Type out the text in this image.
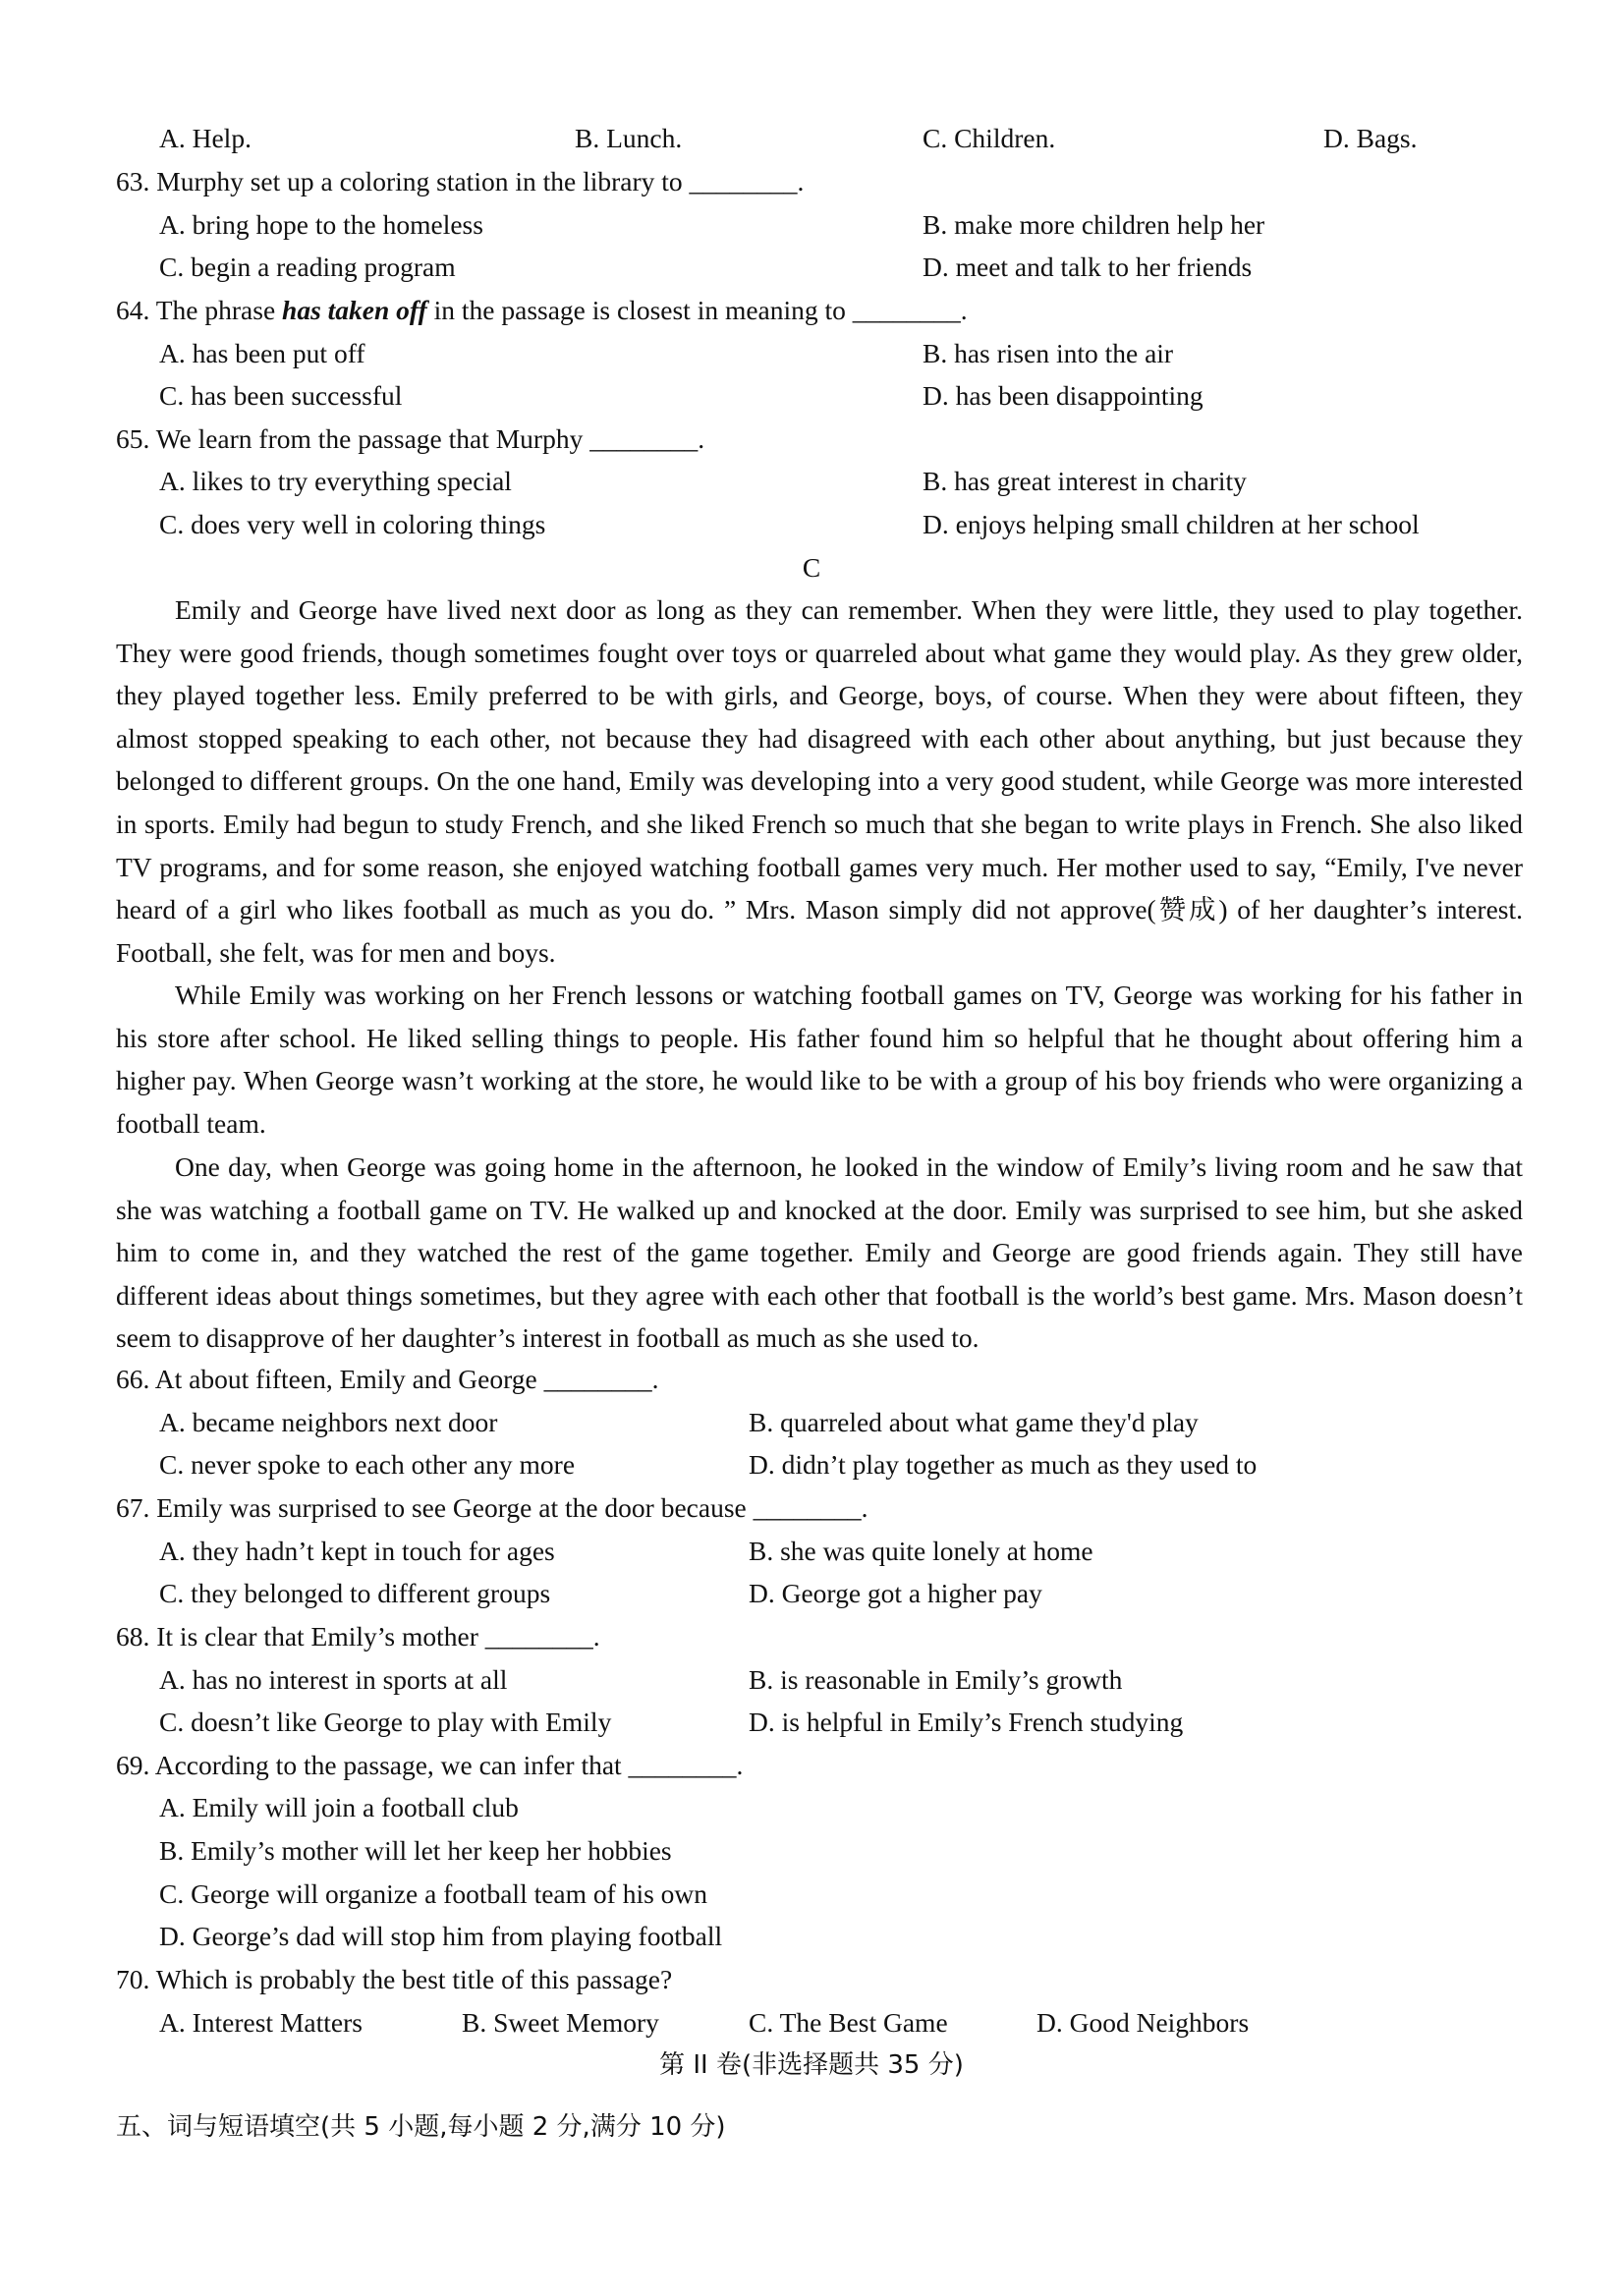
A. Help.	B. Lunch.	C. Children.	D. Bags.
63. Murphy set up a coloring station in the library to ________.
A. bring hope to the homeless	B. make more children help her
C. begin a reading program	D. meet and talk to her friends
64. The phrase has taken off in the passage is closest in meaning to ________.
A. has been put off	B. has risen into the air
C. has been successful	D. has been disappointing
65. We learn from the passage that Murphy ________.
A. likes to try everything special	B. has great interest in charity
C. does very well in coloring things	D. enjoys helping small children at her school
C
Emily and George have lived next door as long as they can remember. When they were little, they used to play together. They were good friends, though sometimes fought over toys or quarreled about what game they would play. As they grew older, they played together less. Emily preferred to be with girls, and George, boys, of course. When they were about fifteen, they almost stopped speaking to each other, not because they had disagreed with each other about anything, but just because they belonged to different groups. On the one hand, Emily was developing into a very good student, while George was more interested in sports. Emily had begun to study French, and she liked French so much that she began to write plays in French. She also liked TV programs, and for some reason, she enjoyed watching football games very much. Her mother used to say, “Emily, I've never heard of a girl who likes football as much as you do. ” Mrs. Mason simply did not approve(赞成) of her daughter’s interest. Football, she felt, was for men and boys.
While Emily was working on her French lessons or watching football games on TV, George was working for his father in his store after school. He liked selling things to people. His father found him so helpful that he thought about offering him a higher pay. When George wasn’t working at the store, he would like to be with a group of his boy friends who were organizing a football team.
One day, when George was going home in the afternoon, he looked in the window of Emily’s living room and he saw that she was watching a football game on TV. He walked up and knocked at the door. Emily was surprised to see him, but she asked him to come in, and they watched the rest of the game together. Emily and George are good friends again. They still have different ideas about things sometimes, but they agree with each other that football is the world’s best game. Mrs. Mason doesn’t seem to disapprove of her daughter’s interest in football as much as she used to.
66. At about fifteen, Emily and George ________.
A. became neighbors next door	B. quarreled about what game they'd play
C. never spoke to each other any more	D. didn’t play together as much as they used to
67. Emily was surprised to see George at the door because ________.
A. they hadn’t kept in touch for ages	B. she was quite lonely at home
C. they belonged to different groups	D. George got a higher pay
68. It is clear that Emily’s mother ________.
A. has no interest in sports at all	B. is reasonable in Emily’s growth
C. doesn’t like George to play with Emily	D. is helpful in Emily’s French studying
69. According to the passage, we can infer that ________.
A. Emily will join a football club
B. Emily’s mother will let her keep her hobbies
C. George will organize a football team of his own
D. George’s dad will stop him from playing football
70. Which is probably the best title of this passage?
A. Interest Matters	B. Sweet Memory	C. The Best Game	D. Good Neighbors
第 II 卷(非选择题共 35 分)
五、词与短语填空(共 5 小题,每小题 2 分,满分 10 分)
